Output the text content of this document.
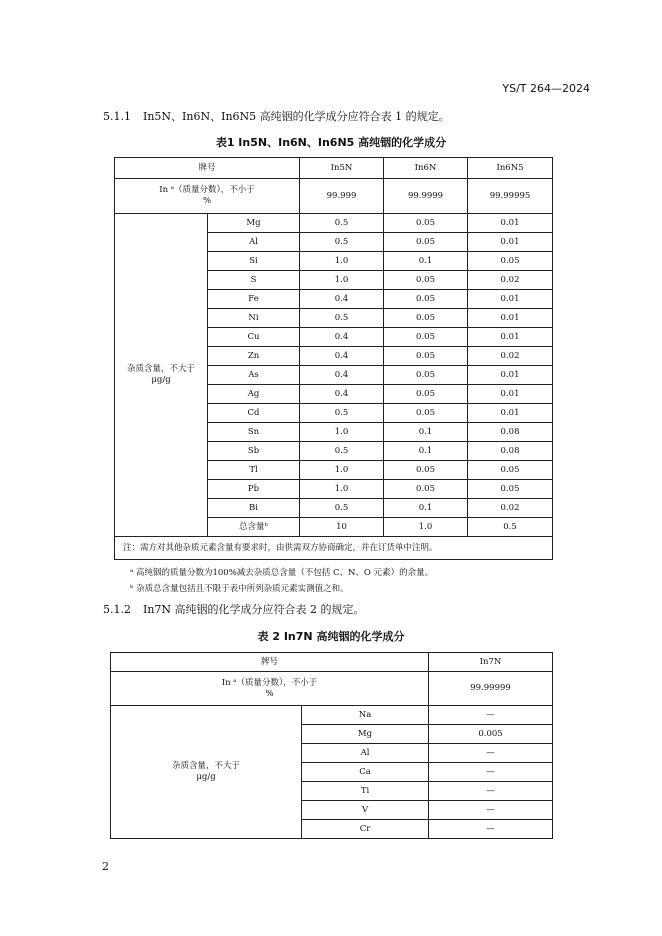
YS/T 264—2024
5.1.1 In5N、In6N、In6N5 高纯铟的化学成分应符合表 1 的规定。
表1 In5N、In6N、In6N5 高纯铟的化学成分
牌号		In5N	In6N	In6N5

In ᵃ（质量分数），不小于
%		99.999	99.9999	99.99995

杂质含量，不大于
μg/g	Mg	0.5	0.05	0.01
	Al	0.5	0.05	0.01
	Si	1.0	0.1	0.05
	S	1.0	0.05	0.02
	Fe	0.4	0.05	0.01
	Ni	0.5	0.05	0.01
	Cu	0.4	0.05	0.01
	Zn	0.4	0.05	0.02
	As	0.4	0.05	0.01
	Ag	0.4	0.05	0.01
	Cd	0.5	0.05	0.01
	Sn	1.0	0.1	0.08
	Sb	0.5	0.1	0.08
	Tl	1.0	0.05	0.05
	Pb	1.0	0.05	0.05
	Bi	0.5	0.1	0.02
	总含量ᵇ	10	1.0	0.5
注：需方对其他杂质元素含量有要求时，由供需双方协商确定，并在订货单中注明。				
ᵃ 高纯铟的质量分数为100%减去杂质总含量（不包括 C、N、O 元素）的余量。
ᵇ 杂质总含量包括且不限于表中所列杂质元素实测值之和。
5.1.2 In7N 高纯铟的化学成分应符合表 2 的规定。
表 2 In7N 高纯铟的化学成分
牌号		In7N

In ᵃ（质量分数），不小于
%		99.99999

杂质含量，不大于
μg/g	Na	—
	Mg	0.005
	Al	—
	Ca	—
	Ti	—
	V	—
	Cr	—
2
